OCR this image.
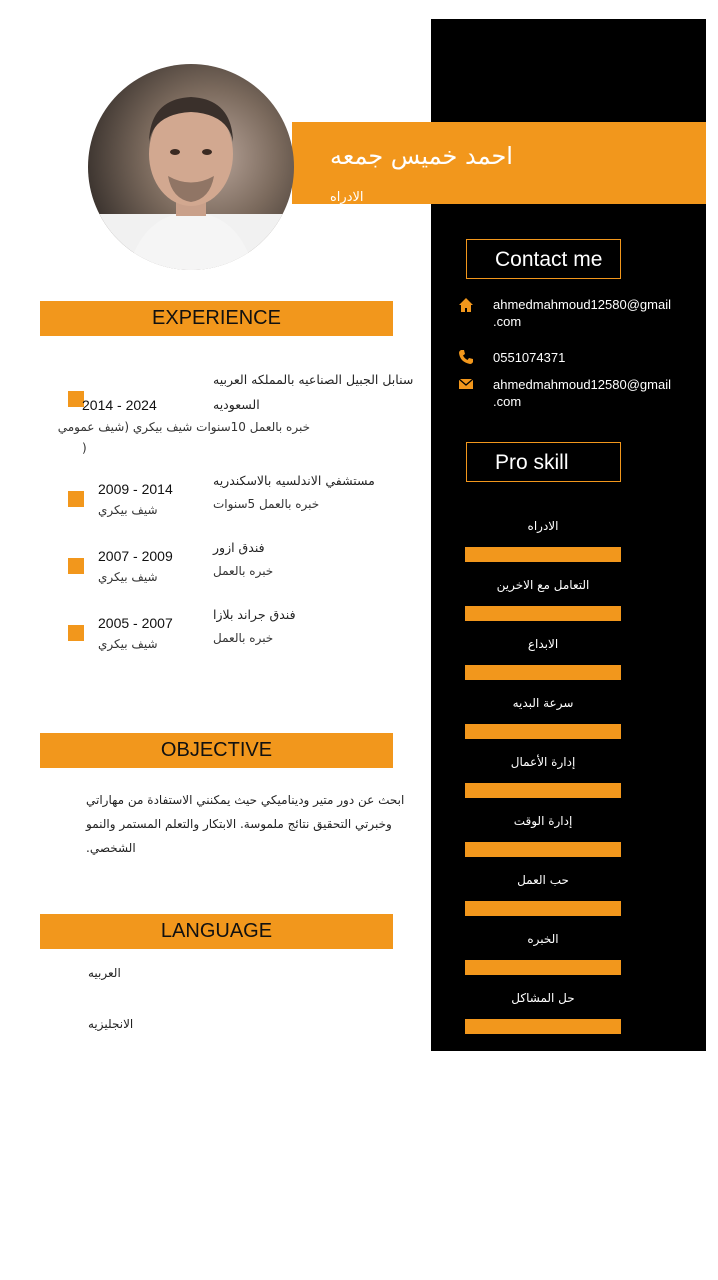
احمد خميس جمعه
الادراه
Contact me
ahmedmahmoud12580@gmail
.com
0551074371
ahmedmahmoud12580@gmail
.com
Pro skill
الادراه
التعامل مع الاخرين
الابداع
سرعة البديه
إدارة الأعمال
إدارة الوقت
حب العمل
الخبره
حل المشاكل
EXPERIENCE
2014 - 2024
سنابل الجبيل الصناعيه بالمملكه العربيه
السعوديه
خبره بالعمل 10سنوات شيف بيكري (شيف عمومي
)
2009 - 2014
شيف بيكري
مستشفي الاندلسيه بالاسكندريه
خبره بالعمل 5سنوات
2007 - 2009
شيف بيكري
فندق ازور
خبره بالعمل
2005 - 2007
شيف بيكري
فندق جراند بلازا
خبره بالعمل
OBJECTIVE
ابحث عن دور متير وديناميكي حيث يمكنني الاستفادة من مهاراتي وخبرتي التحقيق نتائج ملموسة. الابتكار والتعلم المستمر والنمو الشخصي.
LANGUAGE
العربيه
الانجليزيه
